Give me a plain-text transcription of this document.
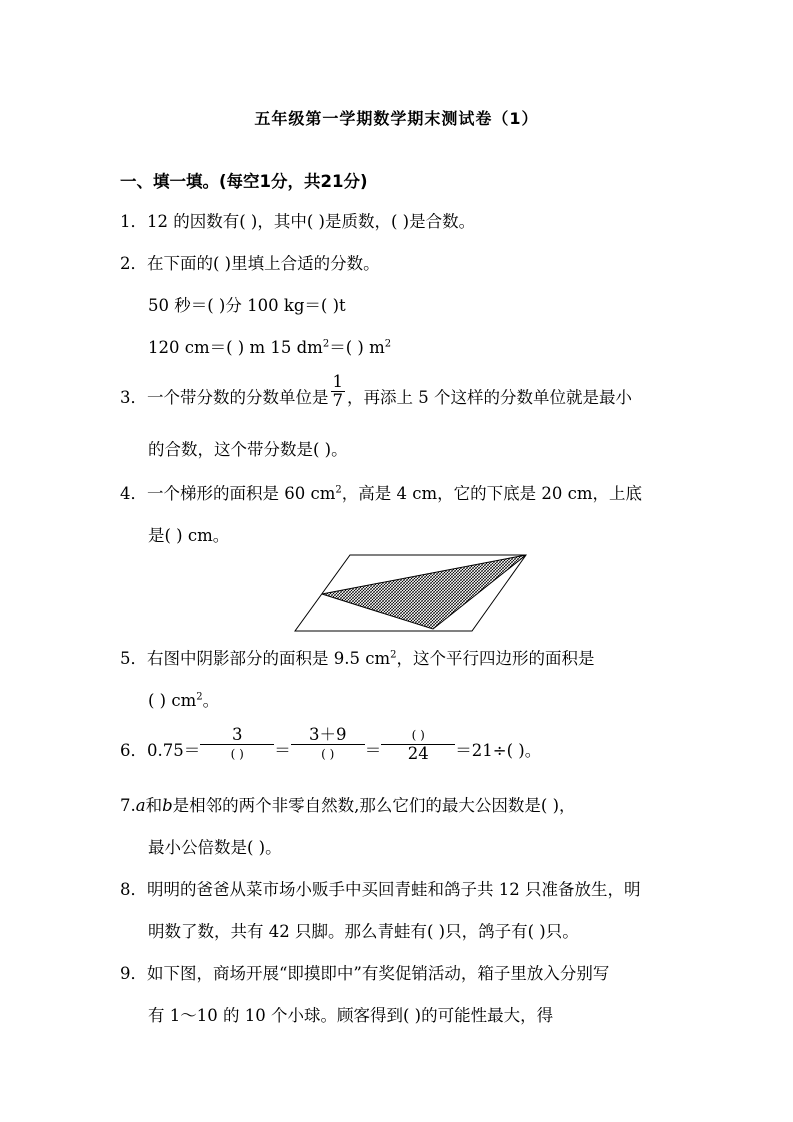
五年级第一学期数学期末测试卷（1）
一、填一填。(每空1分，共21分)
1．12 的因数有( )，其中( )是质数，( )是合数。
2．在下面的( )里填上合适的分数。
50 秒＝( )分 100 kg＝( )t
120 cm＝( ) m 15 $dm^2=$( ) $m^2$
3．一个带分数的分数单位是 $\frac{1}{7}$ ，再添上 5 个这样的分数单位就是最小
的合数，这个带分数是( )。
4．一个梯形的面积是 60 $cm^2$，高是 4 cm，它的下底是 20 cm，上底
是( ) cm。
5．右图中阴影部分的面积是 9.5 $cm^2$，这个平行四边形的面积是
( ) $cm^2$。
6．$0.75= \frac{3}{( )} = \frac{3+9}{( )} = \frac{( )}{24} =21\div$( )。
7.a和b是相邻的两个非零自然数,那么它们的最大公因数是( )，
最小公倍数是( )。
8．明明的爸爸从菜市场小贩手中买回青蛙和鸽子共 12 只准备放生，明
明数了数，共有 42 只脚。那么青蛙有( )只，鸽子有( )只。
9．如下图，商场开展“即摸即中”有奖促销活动，箱子里放入分别写
有 1～10 的 10 个小球。顾客得到( )的可能性最大，得
